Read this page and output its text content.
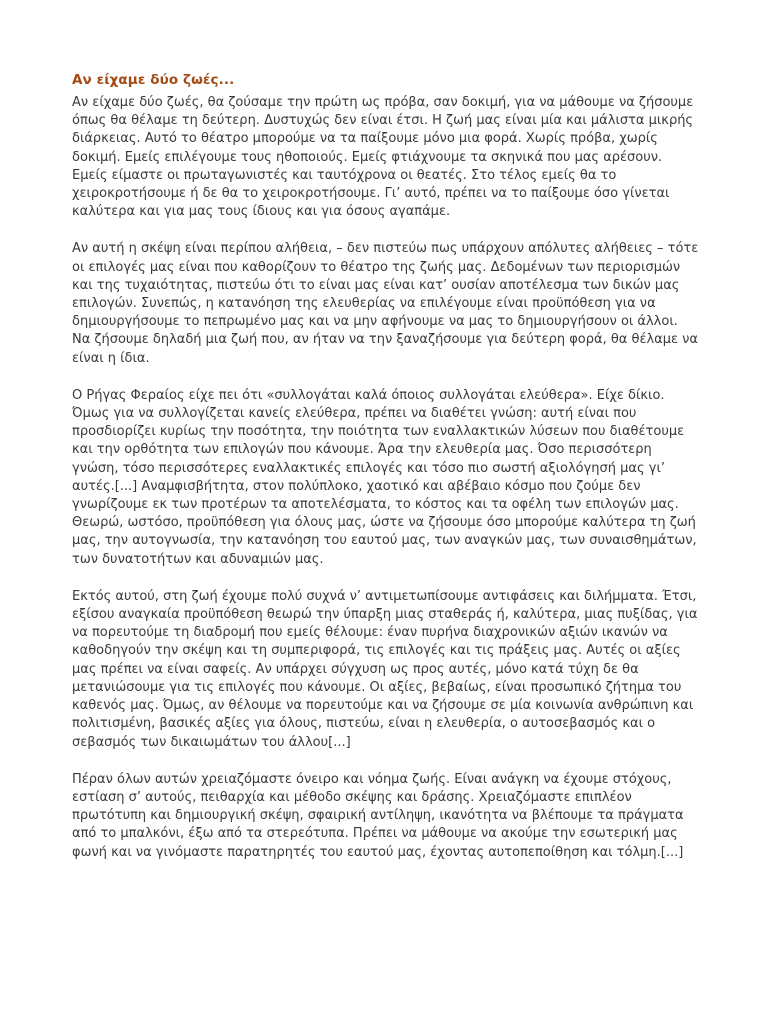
Αν είχαμε δύο ζωές...

Αν είχαμε δύο ζωές, θα ζούσαμε την πρώτη ως πρόβα, σαν δοκιμή, για να μάθουμε να ζήσουμε όπως θα θέλαμε τη δεύτερη. Δυστυχώς δεν είναι έτσι. Η ζωή μας είναι μία και μάλιστα μικρής διάρκειας. Αυτό το θέατρο μπορούμε να τα παίξουμε μόνο μια φορά. Χωρίς πρόβα, χωρίς δοκιμή. Εμείς επιλέγουμε τους ηθοποιούς. Εμείς φτιάχνουμε τα σκηνικά που μας αρέσουν. Εμείς είμαστε οι πρωταγωνιστές και ταυτόχρονα οι θεατές. Στο τέλος εμείς θα το χειροκροτήσουμε ή δε θα το χειροκροτήσουμε. Γι’ αυτό, πρέπει να το παίξουμε όσο γίνεται καλύτερα και για μας τους ίδιους και για όσους αγαπάμε.

Αν αυτή η σκέψη είναι περίπου αλήθεια, – δεν πιστεύω πως υπάρχουν απόλυτες αλήθειες – τότε οι επιλογές μας είναι που καθορίζουν το θέατρο της ζωής μας. Δεδομένων των περιορισμών και της τυχαιότητας, πιστεύω ότι το είναι μας είναι κατ’ ουσίαν αποτέλεσμα των δικών μας επιλογών. Συνεπώς, η κατανόηση της ελευθερίας να επιλέγουμε είναι προϋπόθεση για να δημιουργήσουμε το πεπρωμένο μας και να μην αφήνουμε να μας το δημιουργήσουν οι άλλοι. Να ζήσουμε δηλαδή μια ζωή που, αν ήταν να την ξαναζήσουμε για δεύτερη φορά, θα θέλαμε να είναι η ίδια.

Ο Ρήγας Φεραίος είχε πει ότι «συλλογάται καλά όποιος συλλογάται ελεύθερα». Είχε δίκιο. Όμως για να συλλογίζεται κανείς ελεύθερα, πρέπει να διαθέτει γνώση: αυτή είναι που προσδιορίζει κυρίως την ποσότητα, την ποιότητα των εναλλακτικών λύσεων που διαθέτουμε και την ορθότητα των επιλογών που κάνουμε. Άρα την ελευθερία μας. Όσο περισσότερη γνώση, τόσο περισσότερες εναλλακτικές επιλογές και τόσο πιο σωστή αξιολόγησή μας γι’ αυτές.[...] Αναμφισβήτητα, στον πολύπλοκο, χαοτικό και αβέβαιο κόσμο που ζούμε δεν γνωρίζουμε εκ των προτέρων τα αποτελέσματα, το κόστος και τα οφέλη των επιλογών μας. Θεωρώ, ωστόσο, προϋπόθεση για όλους μας, ώστε να ζήσουμε όσο μπορούμε καλύτερα τη ζωή μας, την αυτογνωσία, την κατανόηση του εαυτού μας, των αναγκών μας, των συναισθημάτων, των δυνατοτήτων και αδυναμιών μας.

Εκτός αυτού, στη ζωή έχουμε πολύ συχνά ν’ αντιμετωπίσουμε αντιφάσεις και διλήμματα. Έτσι, εξίσου αναγκαία προϋπόθεση θεωρώ την ύπαρξη μιας σταθεράς ή, καλύτερα, μιας πυξίδας, για να πορευτούμε τη διαδρομή που εμείς θέλουμε: έναν πυρήνα διαχρονικών αξιών ικανών να καθοδηγούν την σκέψη και τη συμπεριφορά, τις επιλογές και τις πράξεις μας. Αυτές οι αξίες μας πρέπει να είναι σαφείς. Αν υπάρχει σύγχυση ως προς αυτές, μόνο κατά τύχη δε θα μετανιώσουμε για τις επιλογές που κάνουμε. Οι αξίες, βεβαίως, είναι προσωπικό ζήτημα του καθενός μας. Όμως, αν θέλουμε να πορευτούμε και να ζήσουμε σε μία κοινωνία ανθρώπινη και πολιτισμένη, βασικές αξίες για όλους, πιστεύω, είναι η ελευθερία, ο αυτοσεβασμός και ο σεβασμός των δικαιωμάτων του άλλου[...]

Πέραν όλων αυτών χρειαζόμαστε όνειρο και νόημα ζωής. Είναι ανάγκη να έχουμε στόχους, εστίαση σ’ αυτούς, πειθαρχία και μέθοδο σκέψης και δράσης. Χρειαζόμαστε επιπλέον πρωτότυπη και δημιουργική σκέψη, σφαιρική αντίληψη, ικανότητα να βλέπουμε τα πράγματα από το μπαλκόνι, έξω από τα στερεότυπα. Πρέπει να μάθουμε να ακούμε την εσωτερική μας φωνή και να γινόμαστε παρατηρητές του εαυτού μας, έχοντας αυτοπεποίθηση και τόλμη.[...]
